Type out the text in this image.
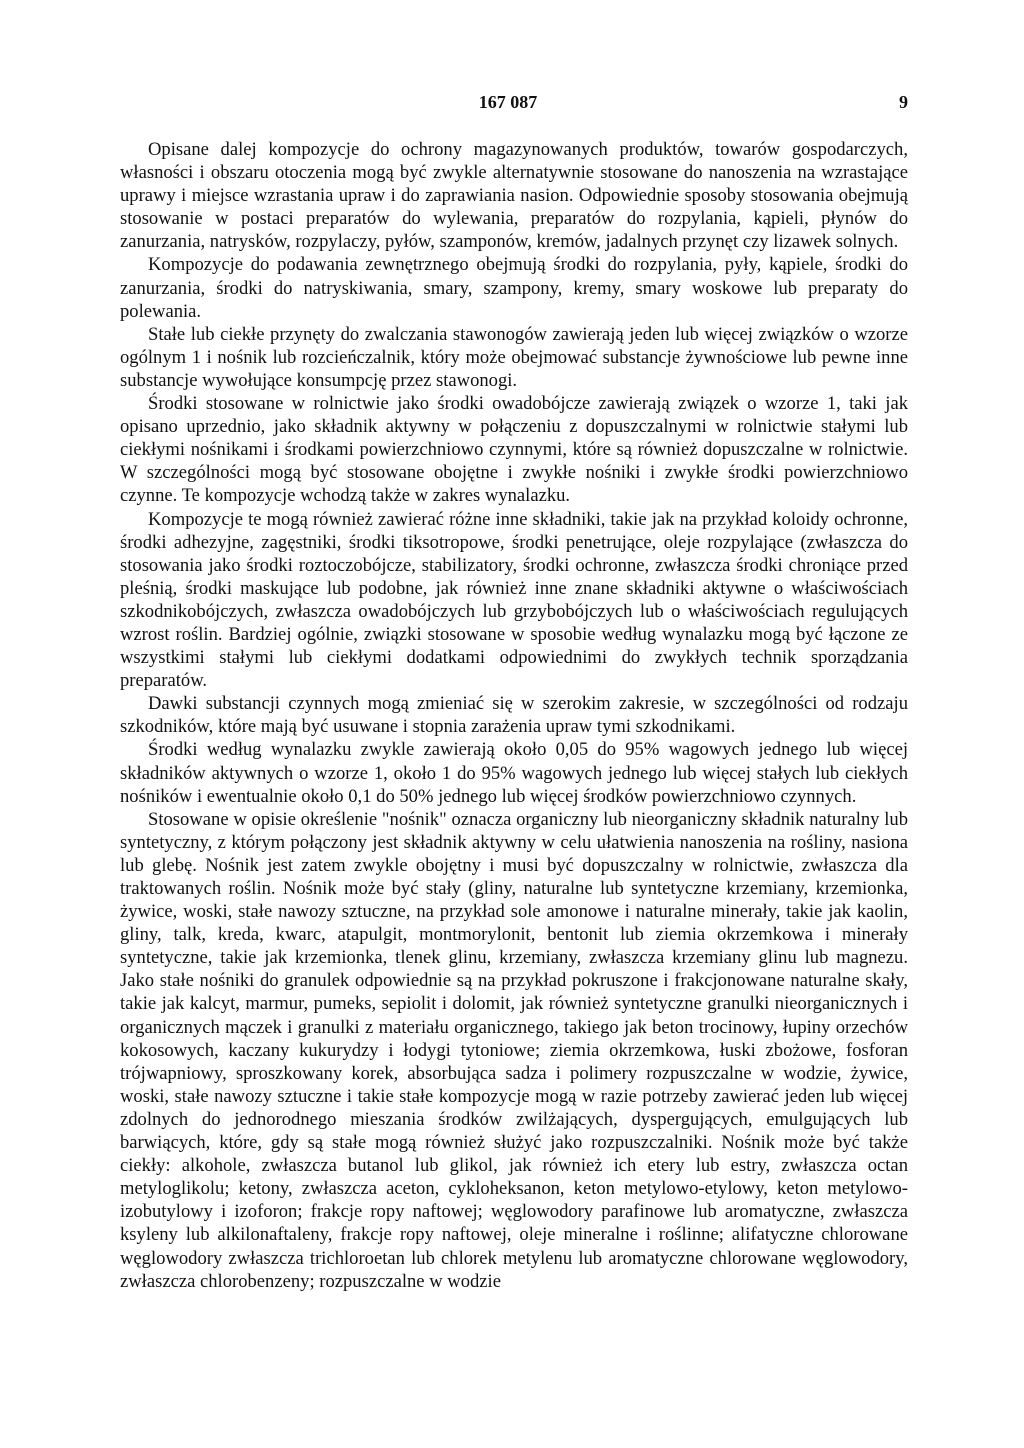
167 087	9

Opisane dalej kompozycje do ochrony magazynowanych produktów, towarów gospodarczych, własności i obszaru otoczenia mogą być zwykle alternatywnie stosowane do nanoszenia na wzrastające uprawy i miejsce wzrastania upraw i do zaprawiania nasion. Odpowiednie sposoby stosowania obejmują stosowanie w postaci preparatów do wylewania, preparatów do rozpylania, kąpieli, płynów do zanurzania, natrysków, rozpylaczy, pyłów, szamponów, kremów, jadalnych przynęt czy lizawek solnych.

Kompozycje do podawania zewnętrznego obejmują środki do rozpylania, pyły, kąpiele, środki do zanurzania, środki do natryskiwania, smary, szampony, kremy, smary woskowe lub preparaty do polewania.

Stałe lub ciekłe przynęty do zwalczania stawonogów zawierają jeden lub więcej związków o wzorze ogólnym 1 i nośnik lub rozcieńczalnik, który może obejmować substancje żywnościowe lub pewne inne substancje wywołujące konsumpcję przez stawonogi.

Środki stosowane w rolnictwie jako środki owadobójcze zawierają związek o wzorze 1, taki jak opisano uprzednio, jako składnik aktywny w połączeniu z dopuszczalnymi w rolnictwie stałymi lub ciekłymi nośnikami i środkami powierzchniowo czynnymi, które są również dopuszczalne w rolnictwie. W szczególności mogą być stosowane obojętne i zwykłe nośniki i zwykłe środki powierzchniowo czynne. Te kompozycje wchodzą także w zakres wynalazku.

Kompozycje te mogą również zawierać różne inne składniki, takie jak na przykład koloidy ochronne, środki adhezyjne, zagęstniki, środki tiksotropowe, środki penetrujące, oleje rozpylające (zwłaszcza do stosowania jako środki roztoczobójcze, stabilizatory, środki ochronne, zwłaszcza środki chroniące przed pleśnią, środki maskujące lub podobne, jak również inne znane składniki aktywne o właściwościach szkodnikobójczych, zwłaszcza owadobójczych lub grzybobójczych lub o właściwościach regulujących wzrost roślin. Bardziej ogólnie, związki stosowane w sposobie według wynalazku mogą być łączone ze wszystkimi stałymi lub ciekłymi dodatkami odpowiednimi do zwykłych technik sporządzania preparatów.

Dawki substancji czynnych mogą zmieniać się w szerokim zakresie, w szczególności od rodzaju szkodników, które mają być usuwane i stopnia zarażenia upraw tymi szkodnikami.

Środki według wynalazku zwykle zawierają około 0,05 do 95% wagowych jednego lub więcej składników aktywnych o wzorze 1, około 1 do 95% wagowych jednego lub więcej stałych lub ciekłych nośników i ewentualnie około 0,1 do 50% jednego lub więcej środków powierzchniowo czynnych.

Stosowane w opisie określenie "nośnik" oznacza organiczny lub nieorganiczny składnik naturalny lub syntetyczny, z którym połączony jest składnik aktywny w celu ułatwienia nanoszenia na rośliny, nasiona lub glebę. Nośnik jest zatem zwykle obojętny i musi być dopuszczalny w rolnictwie, zwłaszcza dla traktowanych roślin. Nośnik może być stały (gliny, naturalne lub syntetyczne krzemiany, krzemionka, żywice, woski, stałe nawozy sztuczne, na przykład sole amonowe i naturalne minerały, takie jak kaolin, gliny, talk, kreda, kwarc, atapulgit, montmorylonit, bentonit lub ziemia okrzemkowa i minerały syntetyczne, takie jak krzemionka, tlenek glinu, krzemiany, zwłaszcza krzemiany glinu lub magnezu. Jako stałe nośniki do granulek odpowiednie są na przykład pokruszone i frakcjonowane naturalne skały, takie jak kalcyt, marmur, pumeks, sepiolit i dolomit, jak również syntetyczne granulki nieorganicznych i organicznych mączek i granulki z materiału organicznego, takiego jak beton trocinowy, łupiny orzechów kokosowych, kaczany kukurydzy i łodygi tytoniowe; ziemia okrzemkowa, łuski zbożowe, fosforan trójwapniowy, sproszkowany korek, absorbująca sadza i polimery rozpuszczalne w wodzie, żywice, woski, stałe nawozy sztuczne i takie stałe kompozycje mogą w razie potrzeby zawierać jeden lub więcej zdolnych do jednorodnego mieszania środków zwilżających, dyspergujących, emulgujących lub barwiących, które, gdy są stałe mogą również służyć jako rozpuszczalniki. Nośnik może być także ciekły: alkohole, zwłaszcza butanol lub glikol, jak również ich etery lub estry, zwłaszcza octan metyloglikolu; ketony, zwłaszcza aceton, cykloheksanon, keton metylowo-etylowy, keton metylowo-izobutylowy i izoforon; frakcje ropy naftowej; węglowodory parafinowe lub aromatyczne, zwłaszcza ksyleny lub alkilonaftaleny, frakcje ropy naftowej, oleje mineralne i roślinne; alifatyczne chlorowane węglowodory zwłaszcza trichloroetan lub chlorek metylenu lub aromatyczne chlorowane węglowodory, zwłaszcza chlorobenzeny; rozpuszczalne w wodzie
